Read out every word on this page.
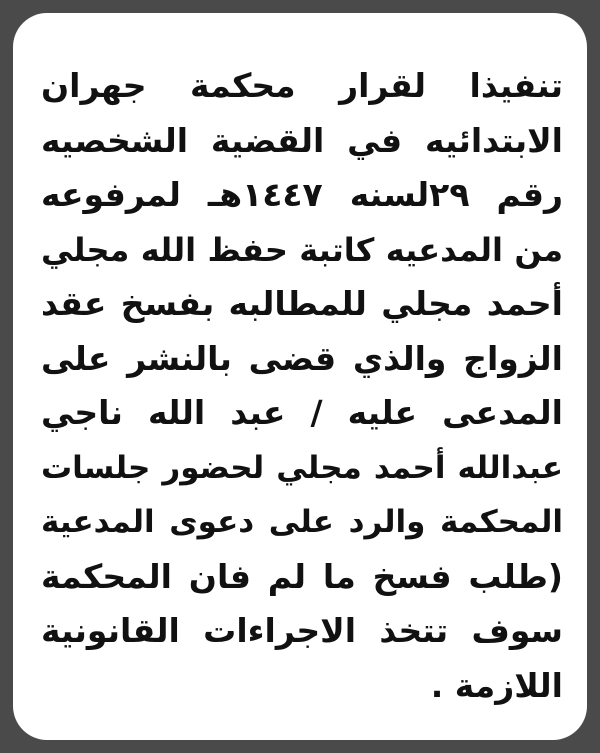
تنفيذا لقرار محكمة جهران
الابتدائيه في القضية الشخصيه
رقم ٢٩لسنه ١٤٤٧هـ لمرفوعه
من المدعيه كاتبة حفظ الله مجلي
أحمد مجلي للمطالبه بفسخ عقد
الزواج والذي قضى بالنشر على
المدعى عليه / عبد الله ناجي
عبدالله أحمد مجلي لحضور جلسات
المحكمة والرد على دعوى المدعية
(طلب فسخ ما لم فان المحكمة
سوف تتخذ الاجراءات القانونية
اللازمة .
